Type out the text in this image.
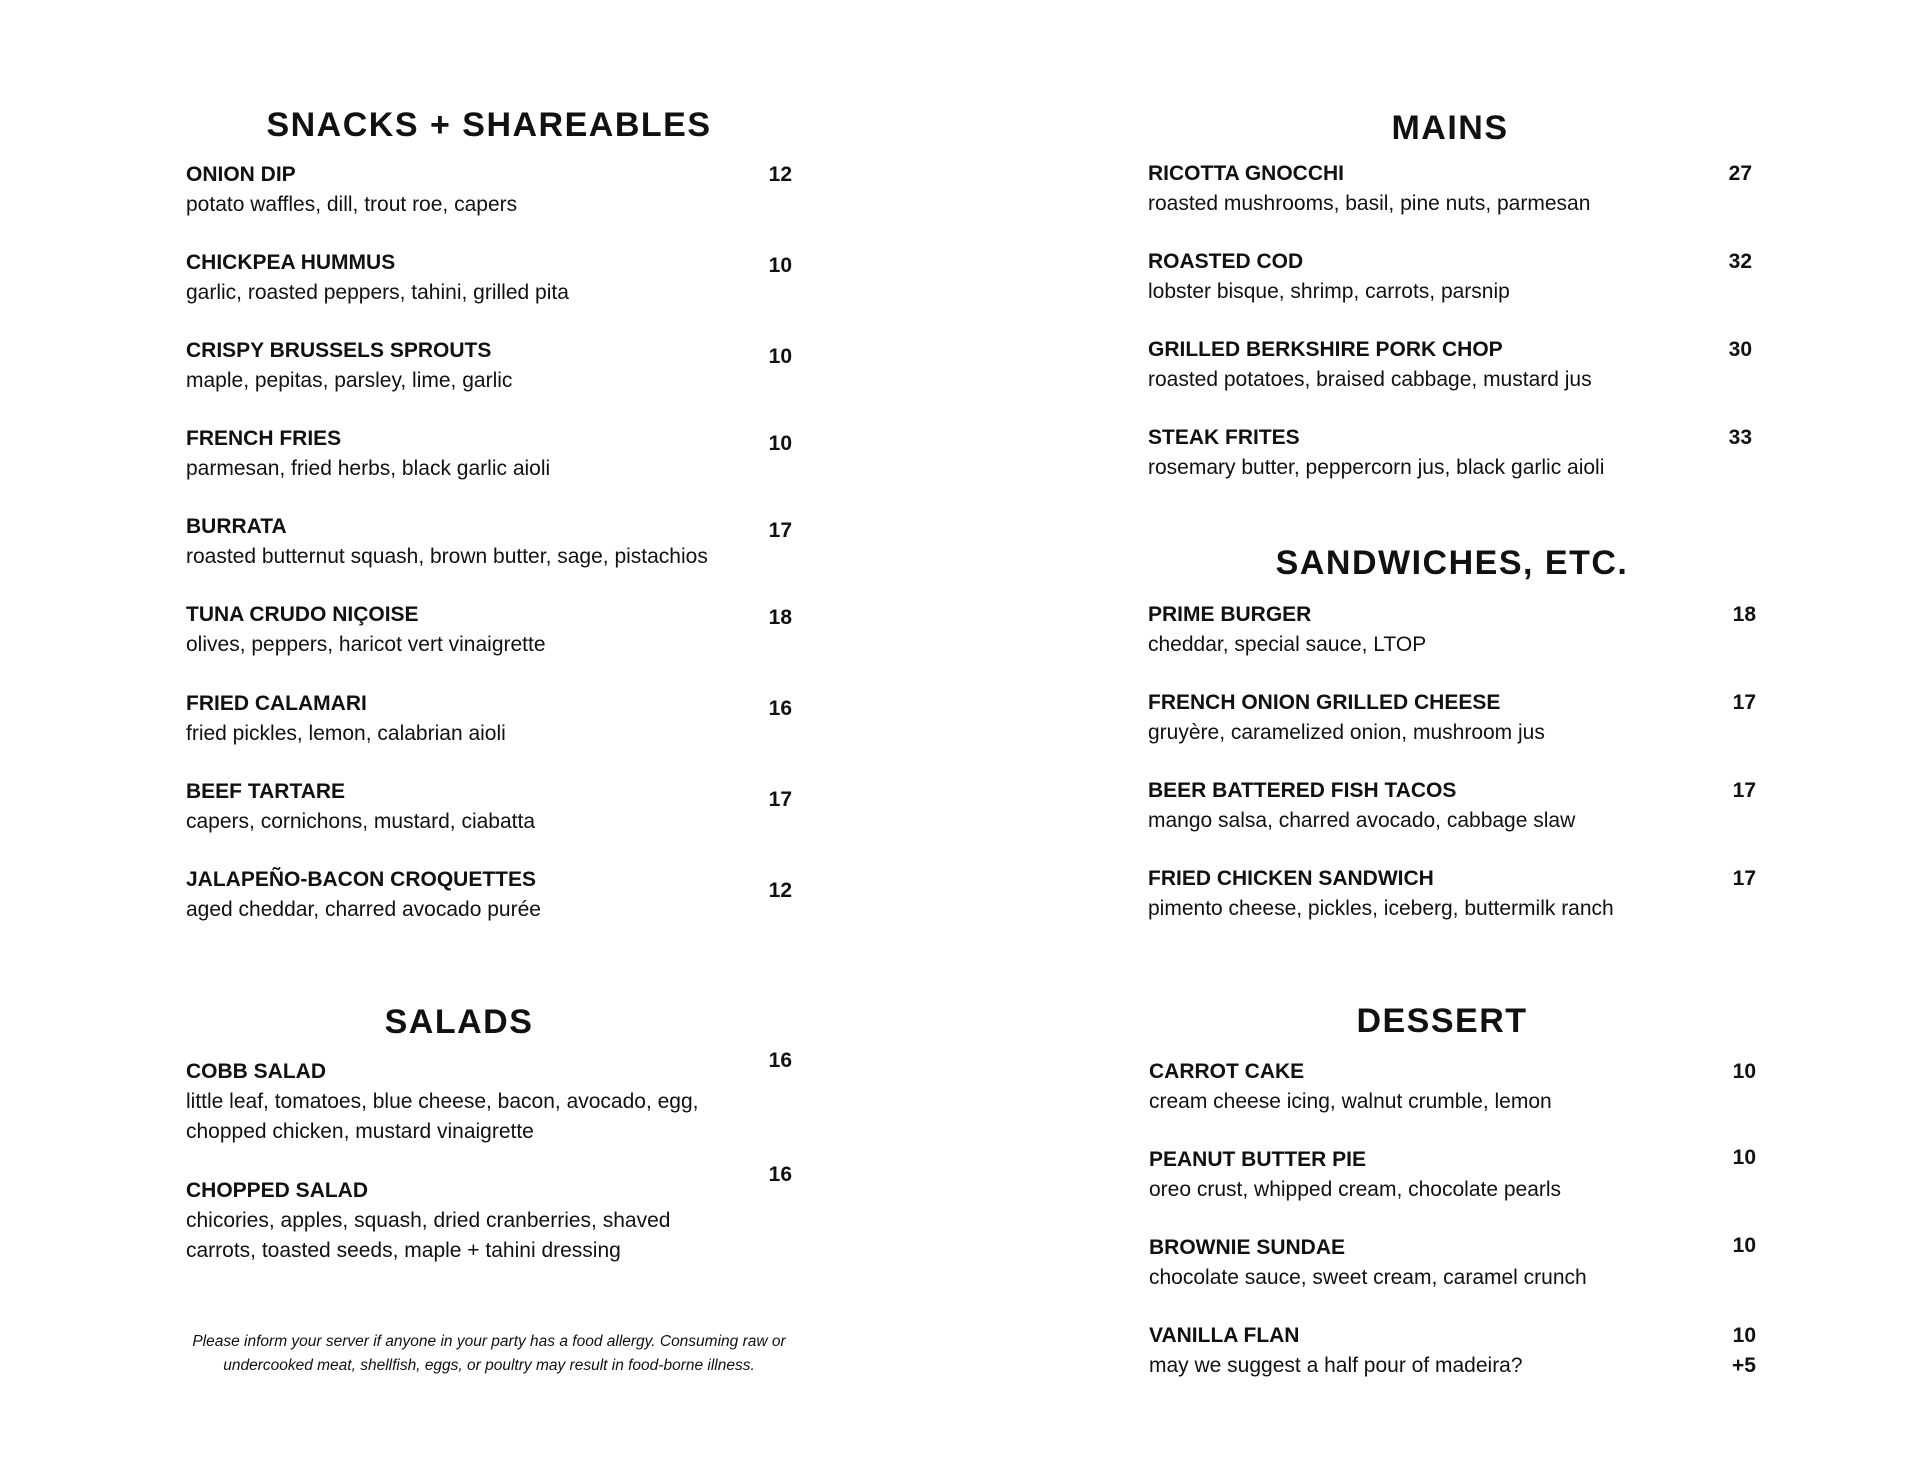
SNACKS + SHAREABLES
ONION DIP
potato waffles, dill, trout roe, capers
12
CHICKPEA HUMMUS
garlic, roasted peppers, tahini, grilled pita
10
CRISPY BRUSSELS SPROUTS
maple, pepitas, parsley, lime, garlic
10
FRENCH FRIES
parmesan, fried herbs, black garlic aioli
10
BURRATA
roasted butternut squash, brown butter, sage, pistachios
17
TUNA CRUDO NIÇOISE
olives, peppers, haricot vert vinaigrette
18
FRIED CALAMARI
fried pickles, lemon, calabrian aioli
16
BEEF TARTARE
capers, cornichons, mustard, ciabatta
17
JALAPEÑO-BACON CROQUETTES
aged cheddar, charred avocado purée
12
SALADS
COBB SALAD
little leaf, tomatoes, blue cheese, bacon, avocado, egg, chopped chicken, mustard vinaigrette
16
CHOPPED SALAD
chicories, apples, squash, dried cranberries, shaved carrots, toasted seeds, maple + tahini dressing
16
MAINS
RICOTTA GNOCCHI
roasted mushrooms, basil, pine nuts, parmesan
27
ROASTED COD
lobster bisque, shrimp, carrots, parsnip
32
GRILLED BERKSHIRE PORK CHOP
roasted potatoes, braised cabbage, mustard jus
30
STEAK FRITES
rosemary butter, peppercorn jus, black garlic aioli
33
SANDWICHES, ETC.
PRIME BURGER
cheddar, special sauce, LTOP
18
FRENCH ONION GRILLED CHEESE
gruyère, caramelized onion, mushroom jus
17
BEER BATTERED FISH TACOS
mango salsa, charred avocado, cabbage slaw
17
FRIED CHICKEN SANDWICH
pimento cheese, pickles, iceberg, buttermilk ranch
17
DESSERT
CARROT CAKE
cream cheese icing, walnut crumble, lemon
10
PEANUT BUTTER PIE
oreo crust, whipped cream, chocolate pearls
10
BROWNIE SUNDAE
chocolate sauce, sweet cream, caramel crunch
10
VANILLA FLAN
may we suggest a half pour of madeira?
10
+5

Please inform your server if anyone in your party has a food allergy. Consuming raw or undercooked meat, shellfish, eggs, or poultry may result in food-borne illness.
